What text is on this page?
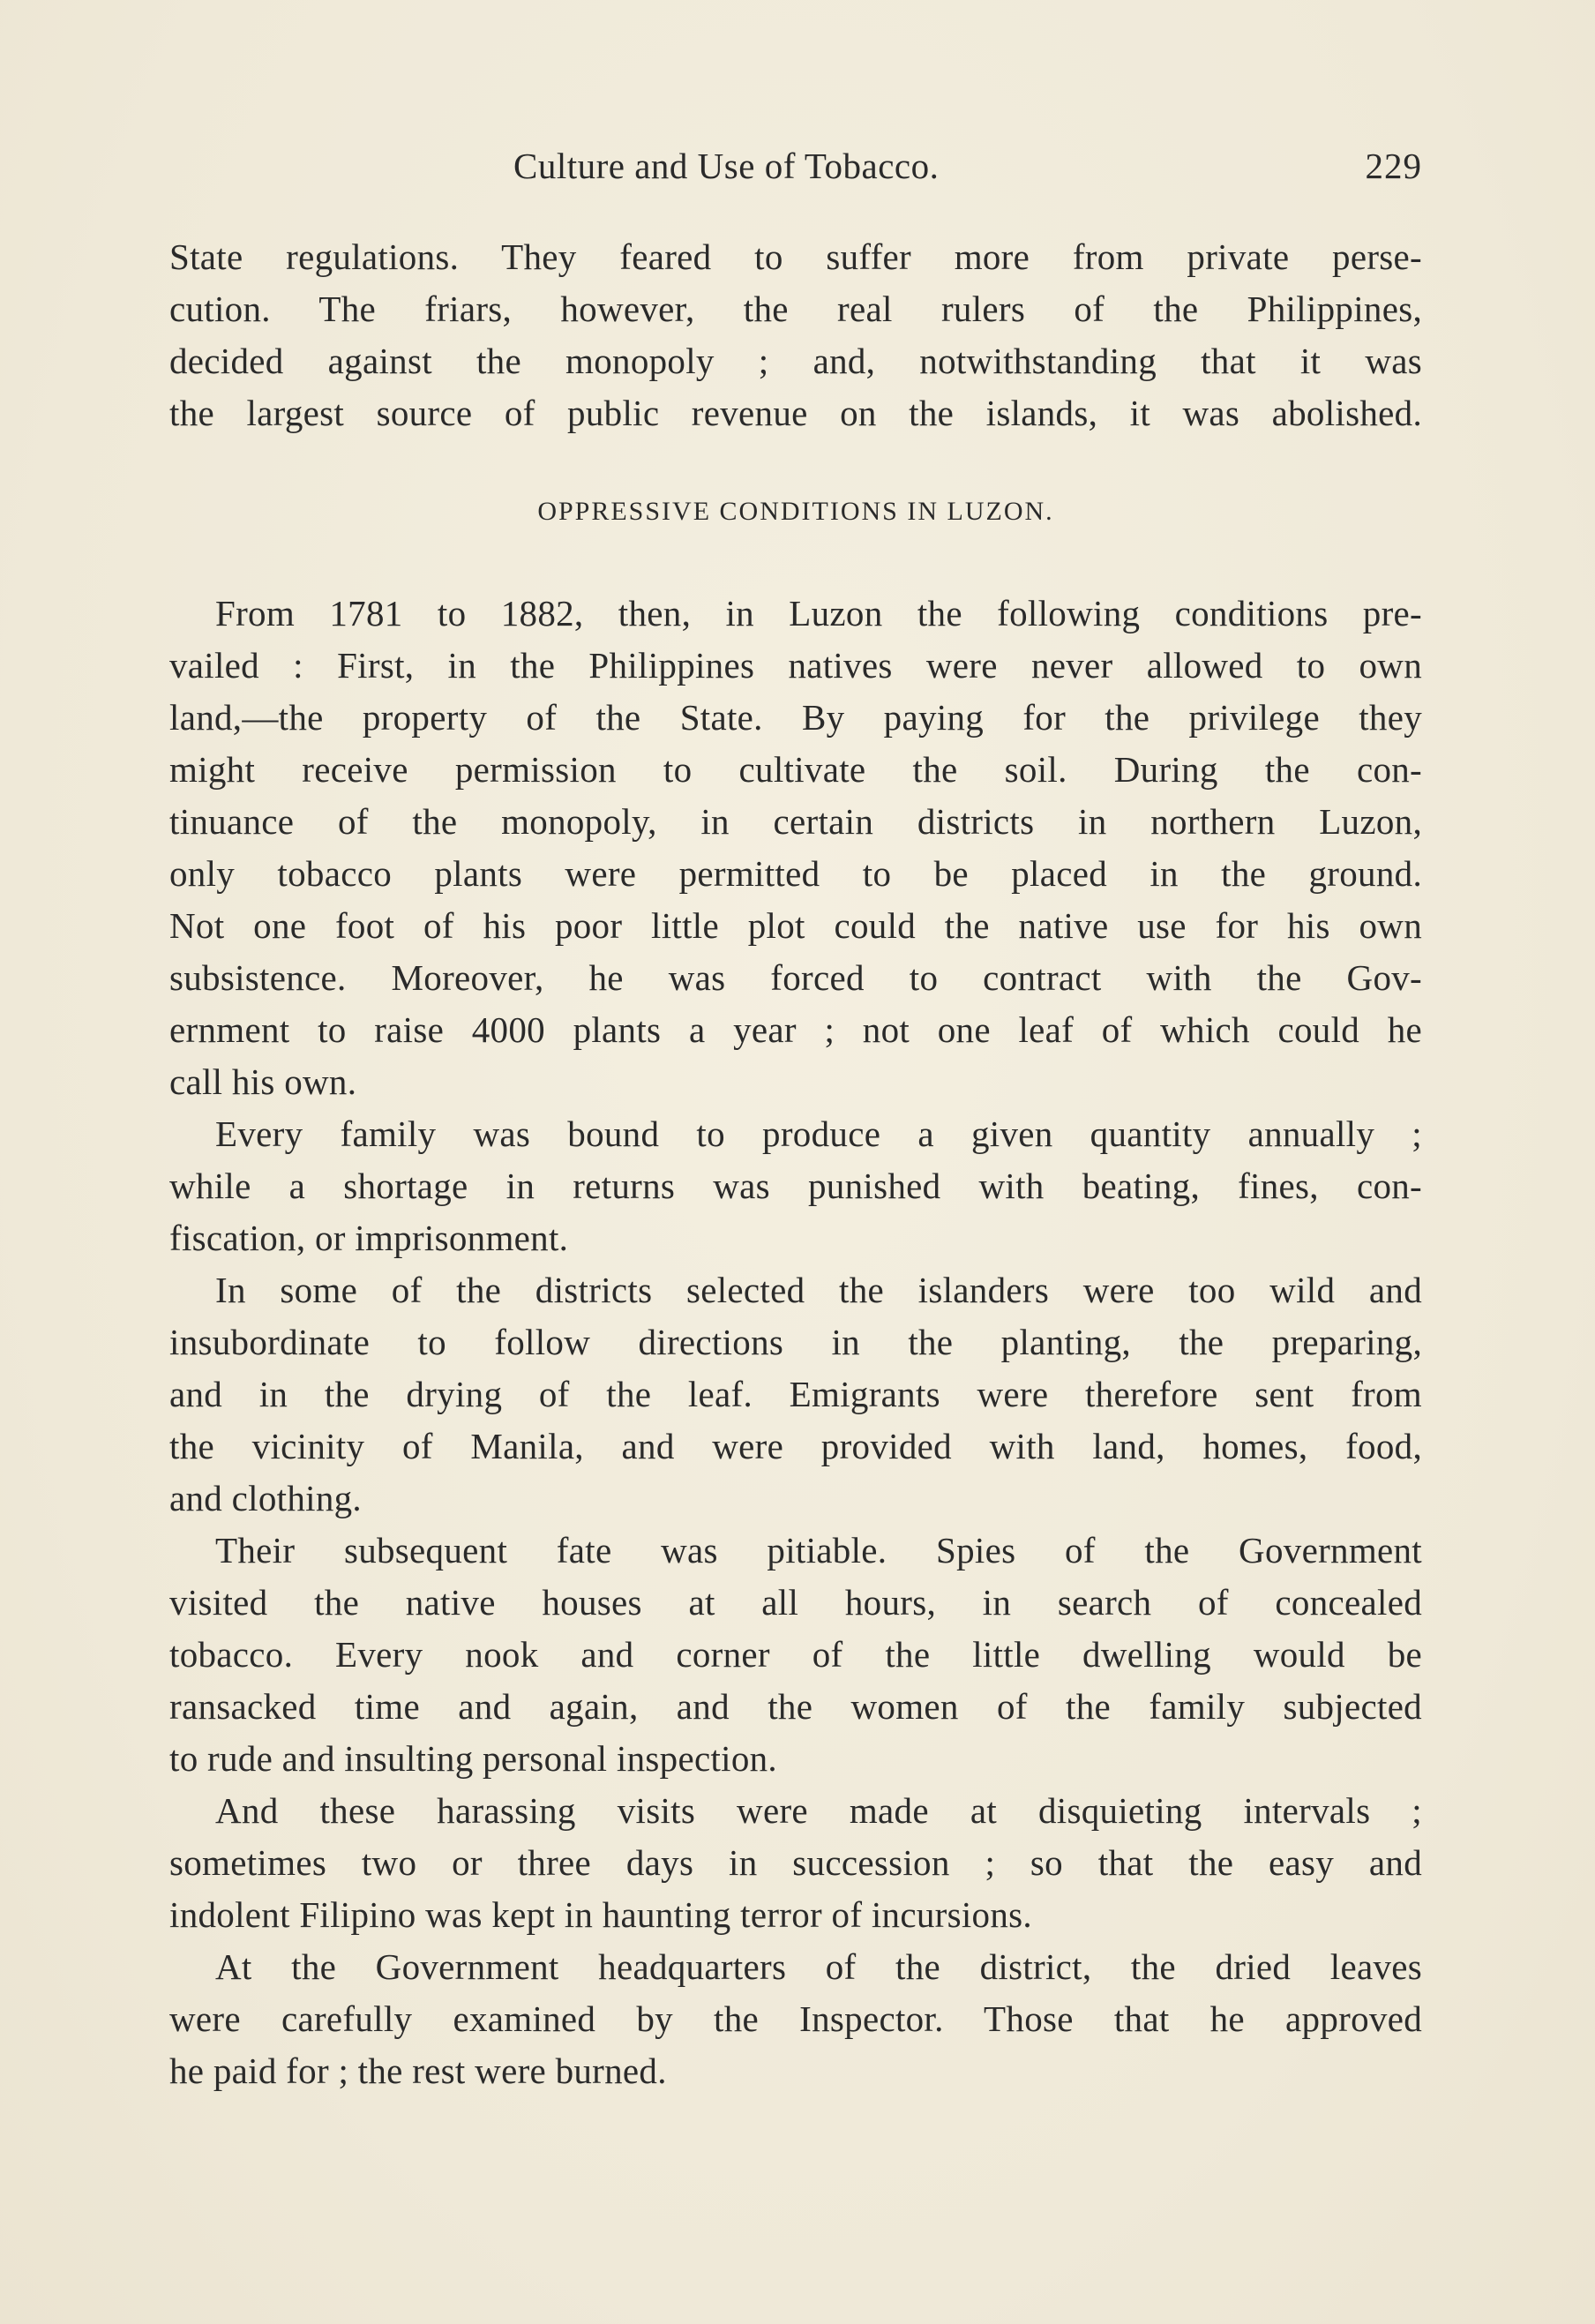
Culture and Use of Tobacco.	229
State regulations. They feared to suffer more from private perse-
cution. The friars, however, the real rulers of the Philippines,
decided against the monopoly ; and, notwithstanding that it was
the largest source of public revenue on the islands, it was abolished.
OPPRESSIVE CONDITIONS IN LUZON.
From 1781 to 1882, then, in Luzon the following conditions pre-
vailed : First, in the Philippines natives were never allowed to own
land,—the property of the State. By paying for the privilege they
might receive permission to cultivate the soil. During the con-
tinuance of the monopoly, in certain districts in northern Luzon,
only tobacco plants were permitted to be placed in the ground.
Not one foot of his poor little plot could the native use for his own
subsistence. Moreover, he was forced to contract with the Gov-
ernment to raise 4000 plants a year ; not one leaf of which could he
call his own.
Every family was bound to produce a given quantity annually ;
while a shortage in returns was punished with beating, fines, con-
fiscation, or imprisonment.
In some of the districts selected the islanders were too wild and
insubordinate to follow directions in the planting, the preparing,
and in the drying of the leaf. Emigrants were therefore sent from
the vicinity of Manila, and were provided with land, homes, food,
and clothing.
Their subsequent fate was pitiable. Spies of the Government
visited the native houses at all hours, in search of concealed
tobacco. Every nook and corner of the little dwelling would be
ransacked time and again, and the women of the family subjected
to rude and insulting personal inspection.
And these harassing visits were made at disquieting intervals ;
sometimes two or three days in succession ; so that the easy and
indolent Filipino was kept in haunting terror of incursions.
At the Government headquarters of the district, the dried leaves
were carefully examined by the Inspector. Those that he approved
he paid for ; the rest were burned.
